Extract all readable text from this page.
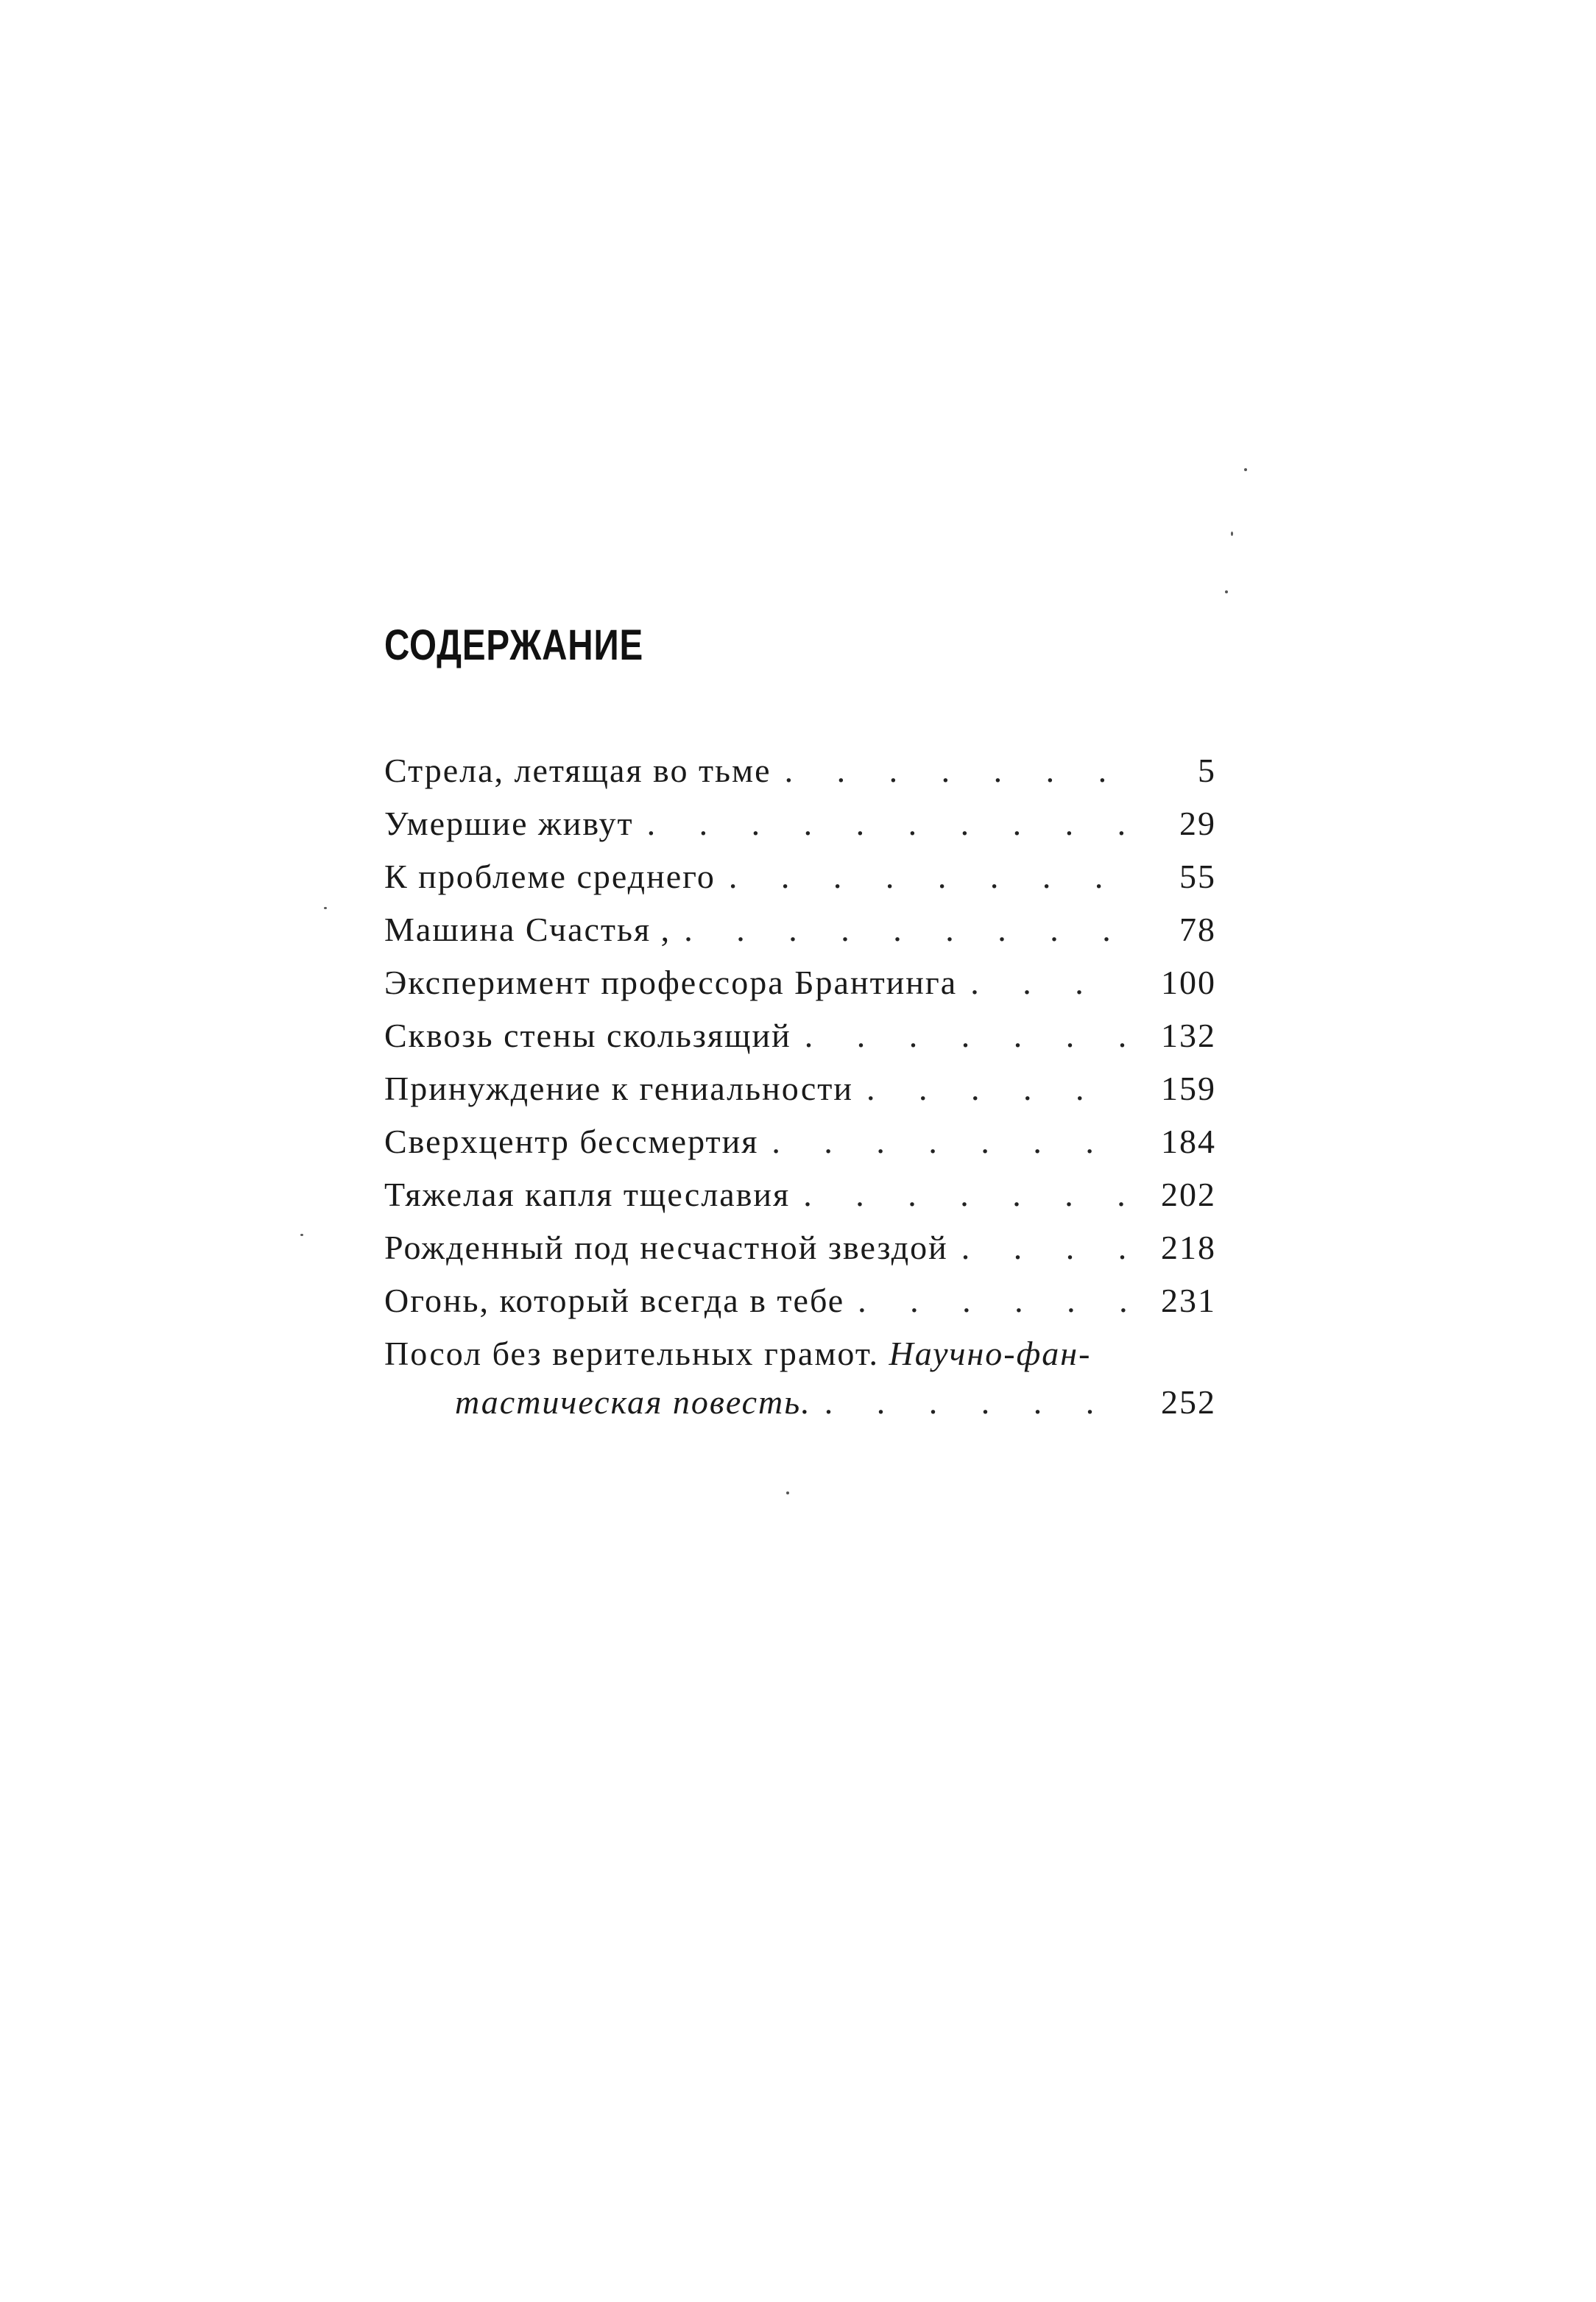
СОДЕРЖАНИЕ
Стрела, летящая во тьме . . .	5
Умершие живут . . .	29
К проблеме среднего . . .	55
Машина Счастья , . . .	78
Эксперимент профессора Брантинга . . .	100
Сквозь стены скользящий . . .	132
Принуждение к гениальности . . .	159
Сверхцентр бессмертия . . .	184
Тяжелая капля тщеславия . . .	202
Рожденный под несчастной звездой . . .	218
Огонь, который всегда в тебе . . .	231
Посол без верительных грамот. Научно-фан-
тастическая повесть. . . .	252
